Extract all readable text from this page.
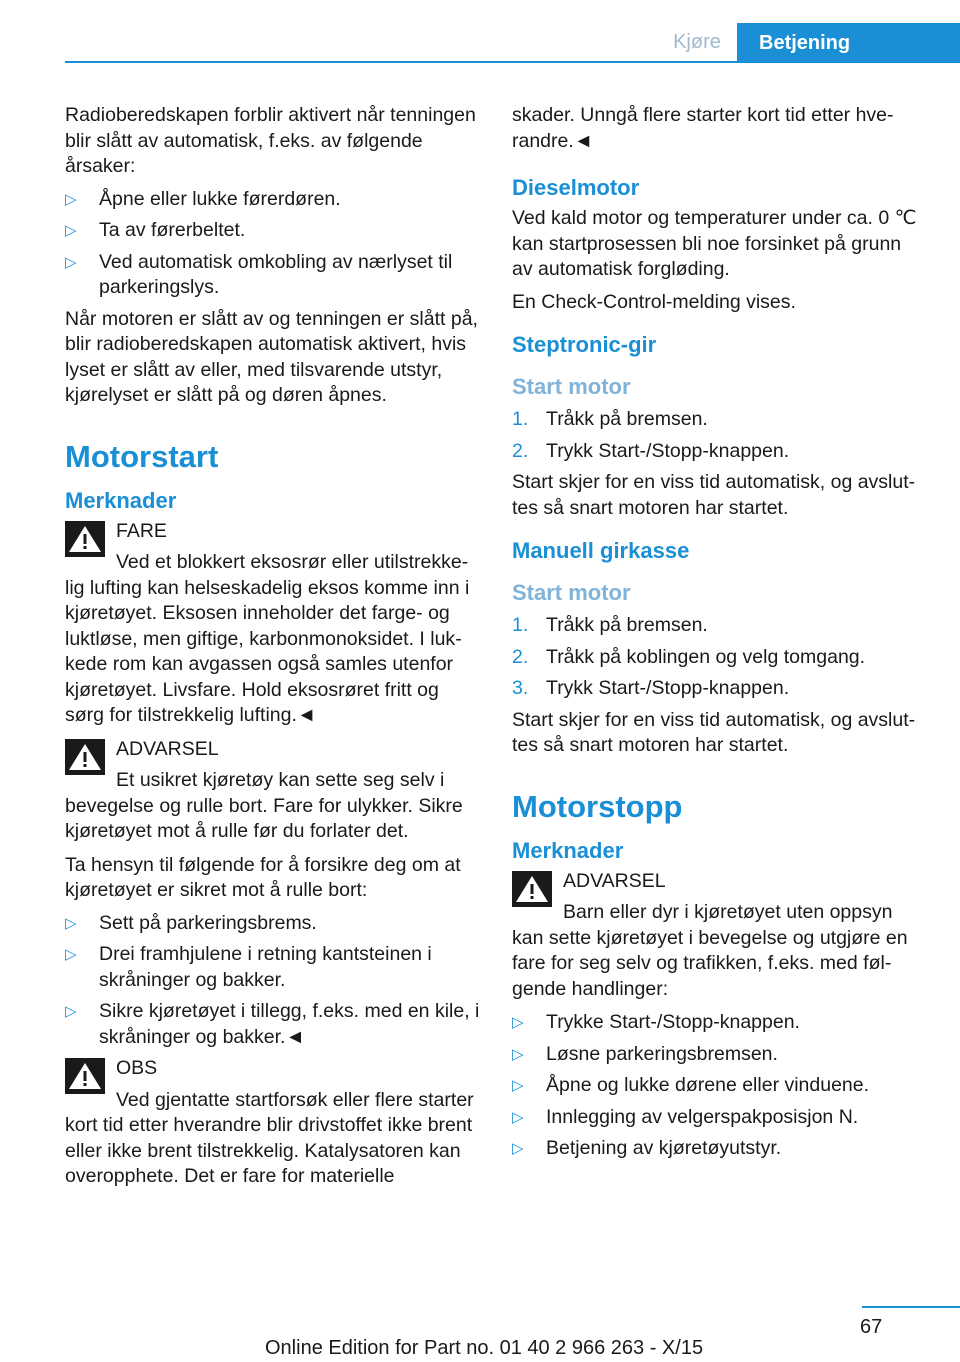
Kjøre	Betjening

Radioberedskapen forblir aktivert når tenningen blir slått av automatisk, f.eks. av følgende årsaker:

▷ Åpne eller lukke førerdøren.
▷ Ta av førerbeltet.
▷ Ved automatisk omkobling av nærlyset til parkeringslys.

Når motoren er slått av og tenningen er slått på, blir radioberedskapen automatisk aktivert, hvis lyset er slått av eller, med tilsvarende utstyr, kjørelyset er slått på og døren åpnes.

Motorstart
Merknader
FARE

Ved et blokkert eksosrør eller utilstrekkelig lufting kan helseskadelig eksos komme inn i kjøretøyet. Eksosen inneholder det farge- og luktløse, men giftige, karbonmonoksidet. I lukkede rom kan avgassen også samles utenfor kjøretøyet. Livsfare. Hold eksosrøret fritt og sørg for tilstrekkelig lufting.◄

ADVARSEL

Et usikret kjøretøy kan sette seg selv i bevegelse og rulle bort. Fare for ulykker. Sikre kjøretøyet mot å rulle før du forlater det.

Ta hensyn til følgende for å forsikre deg om at kjøretøyet er sikret mot å rulle bort:

▷ Sett på parkeringsbrems.
▷ Drei framhjulene i retning kantsteinen i skråninger og bakker.
▷ Sikre kjøretøyet i tillegg, f.eks. med en kile, i skråninger og bakker.◄
OBS

Ved gjentatte startforsøk eller flere starter kort tid etter hverandre blir drivstoffet ikke brent eller ikke brent tilstrekkelig. Katalysatoren kan overopphete. Det er fare for materielle

skader. Unngå flere starter kort tid etter hverandre.◄

Dieselmotor

Ved kald motor og temperaturer under ca. 0 ℃ kan startprosessen bli noe forsinket på grunn av automatisk forgløding.

En Check-Control-melding vises.

Steptronic-gir
Start motor
1. Tråkk på bremsen.
2. Trykk Start-/Stopp-knappen.

Start skjer for en viss tid automatisk, og avsluttes så snart motoren har startet.

Manuell girkasse
Start motor
1. Tråkk på bremsen.
2. Tråkk på koblingen og velg tomgang.
3. Trykk Start-/Stopp-knappen.

Start skjer for en viss tid automatisk, og avsluttes så snart motoren har startet.

Motorstopp
Merknader
ADVARSEL

Barn eller dyr i kjøretøyet uten oppsyn kan sette kjøretøyet i bevegelse og utgjøre en fare for seg selv og trafikken, f.eks. med følgende handlinger:

▷ Trykke Start-/Stopp-knappen.
▷ Løsne parkeringsbremsen.
▷ Åpne og lukke dørene eller vinduene.
▷ Innlegging av velgerspakposisjon N.
▷ Betjening av kjøretøyutstyr.
67
Online Edition for Part no. 01 40 2 966 263 - X/15
